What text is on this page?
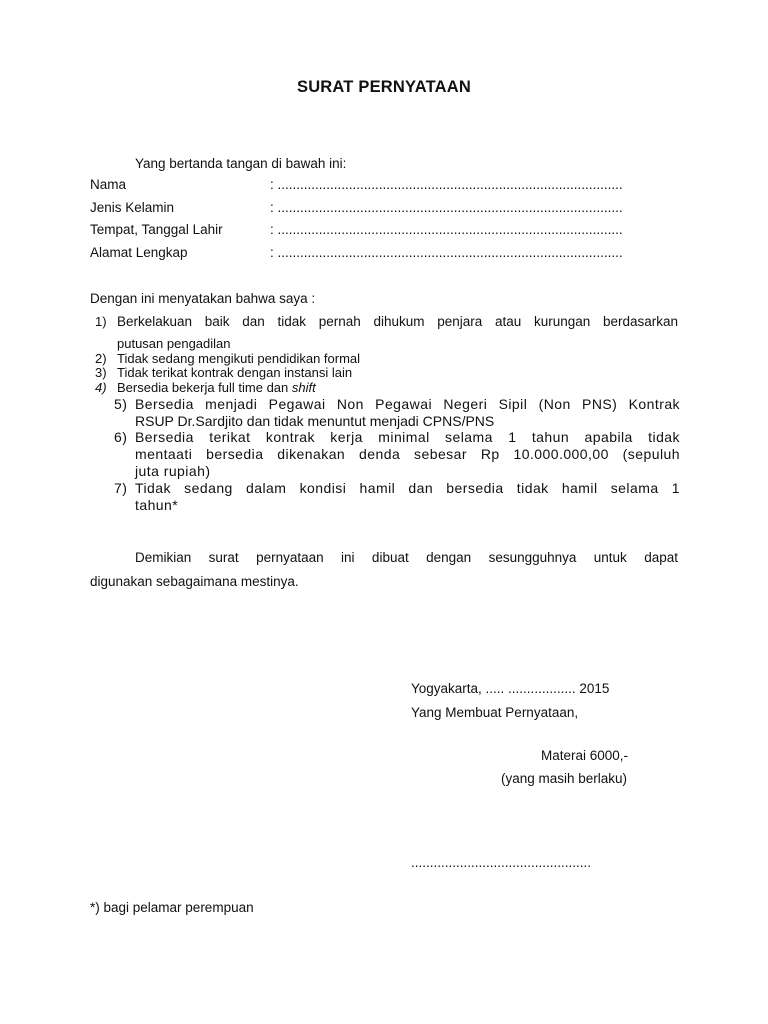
SURAT PERNYATAAN
Yang bertanda tangan di bawah ini:
Nama	: ............................................................................................
Jenis Kelamin	: ............................................................................................
Tempat, Tanggal Lahir	: ............................................................................................
Alamat Lengkap	: ............................................................................................
Dengan ini menyatakan bahwa saya :
1) Berkelakuan baik dan tidak pernah dihukum penjara atau kurungan berdasarkan
putusan pengadilan
2) Tidak sedang mengikuti pendidikan formal
3) Tidak terikat kontrak dengan instansi lain
4) Bersedia bekerja full time dan shift
5) Bersedia menjadi Pegawai Non Pegawai Negeri Sipil (Non PNS) Kontrak
RSUP Dr.Sardjito dan tidak menuntut menjadi CPNS/PNS
6) Bersedia terikat kontrak kerja minimal selama 1 tahun apabila tidak
mentaati bersedia dikenakan denda sebesar Rp 10.000.000,00 (sepuluh
juta rupiah)
7) Tidak sedang dalam kondisi hamil dan bersedia tidak hamil selama 1
tahun*
Demikian surat pernyataan ini dibuat dengan sesungguhnya untuk dapat
digunakan sebagaimana mestinya.
Yogyakarta, ..... .................. 2015
Yang Membuat Pernyataan,
Materai 6000,-
(yang masih berlaku)
................................................
*) bagi pelamar perempuan
